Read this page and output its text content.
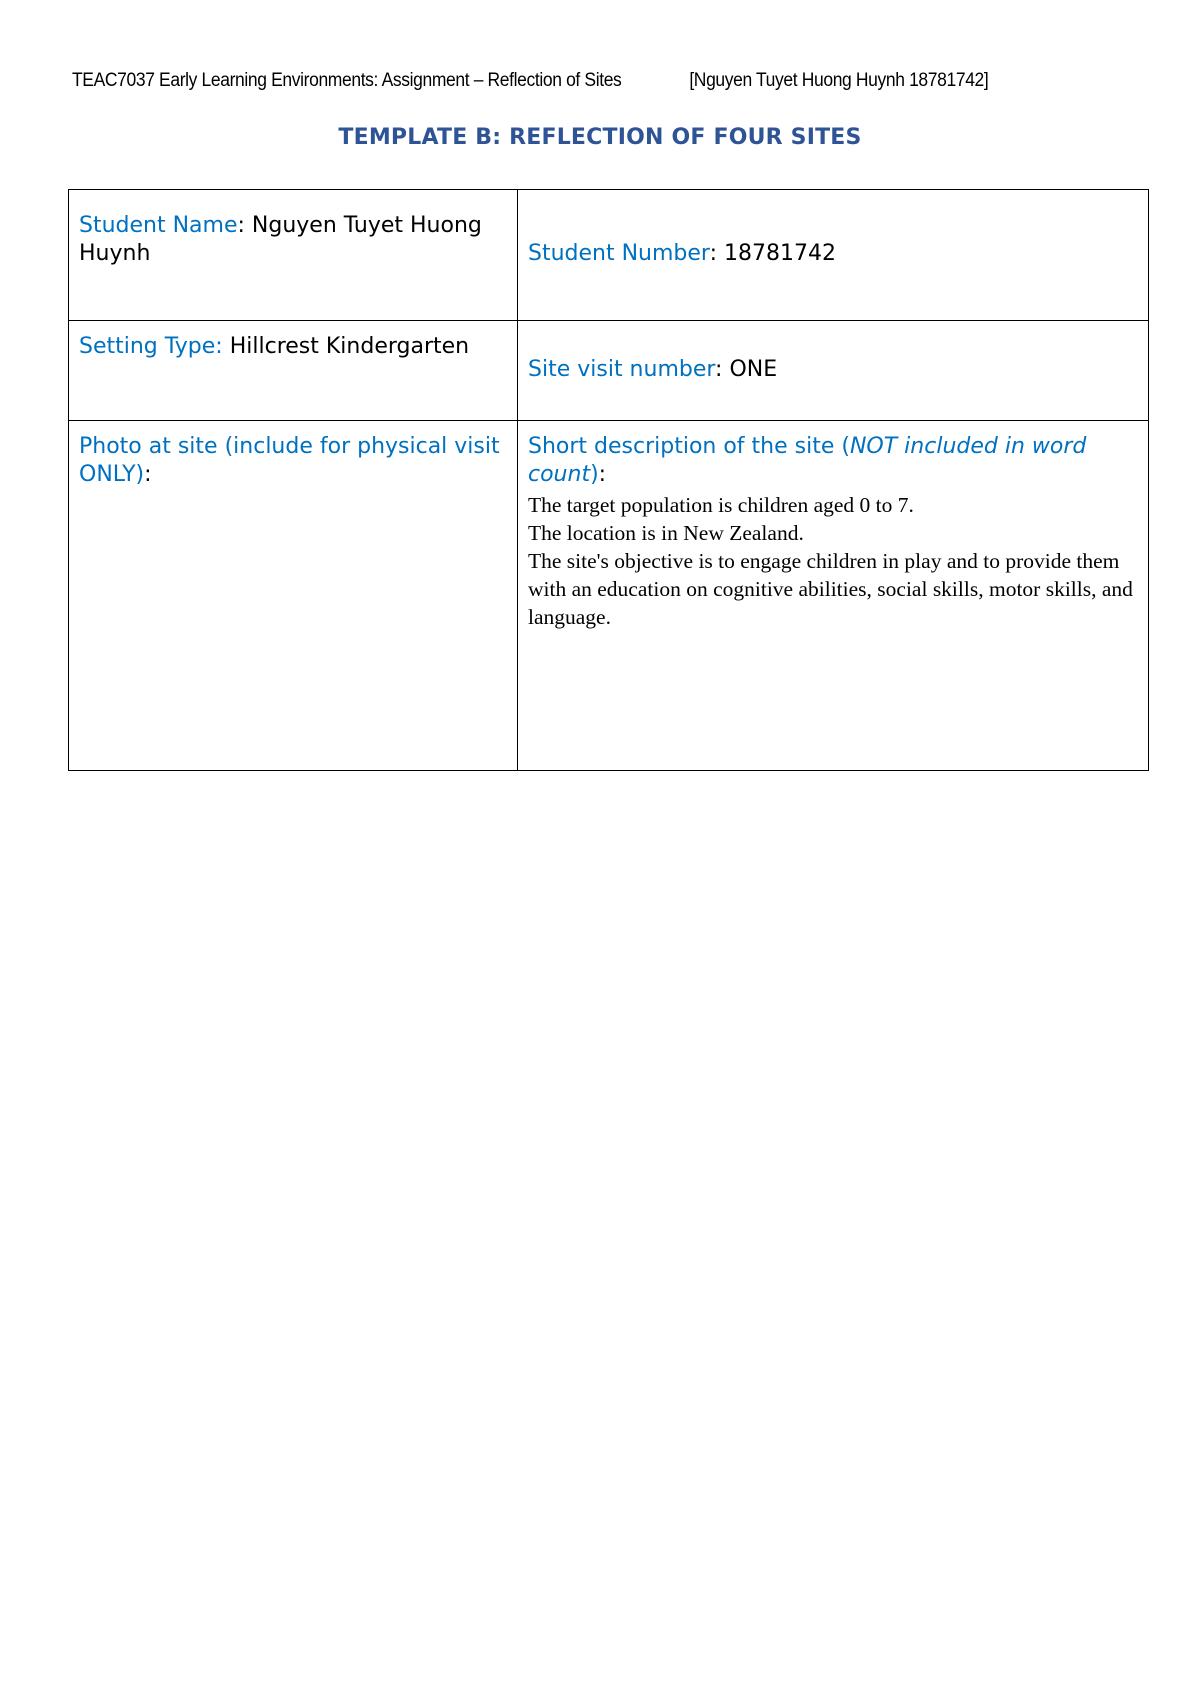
TEAC7037 Early Learning Environments: Assignment – Reflection of Sites	[Nguyen Tuyet Huong Huynh 18781742]
TEMPLATE B: REFLECTION OF FOUR SITES
Student Name: Nguyen Tuyet Huong Huynh	Student Number: 18781742

Setting Type: Hillcrest Kindergarten	Site visit number: ONE
Photo at site (include for physical visit ONLY):	Short description of the site (NOT included in word count):

The target population is children aged 0 to 7.

The location is in New Zealand.

The site's objective is to engage children in play and to provide them with an education on cognitive abilities, social skills, motor skills, and language.
